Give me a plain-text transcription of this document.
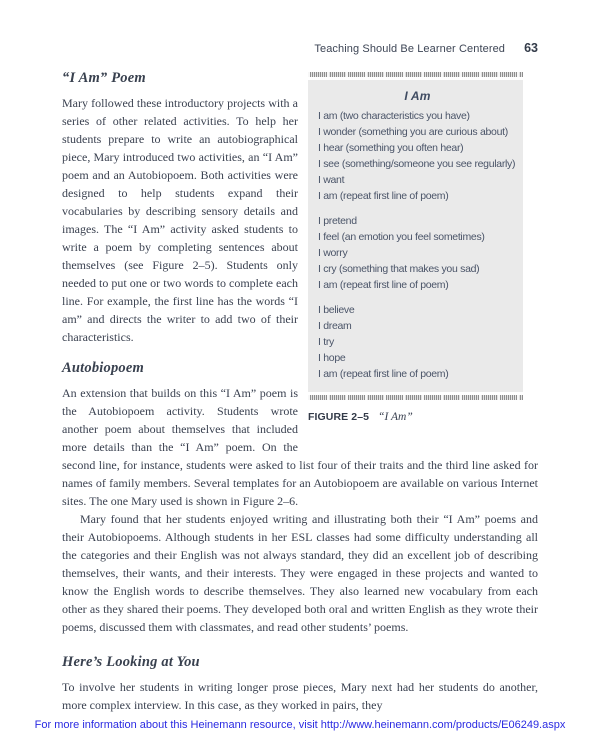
Teaching Should Be Learner Centered 63
I Am
I am (two characteristics you have)
I wonder (something you are curious about)
I hear (something you often hear)
I see (something/someone you see regularly)
I want
I am (repeat first line of poem)
I pretend
I feel (an emotion you feel sometimes)
I worry
I cry (something that makes you sad)
I am (repeat first line of poem)
I believe
I dream
I try
I hope
I am (repeat first line of poem)
FIGURE 2–5 “I Am”
“I Am” Poem

Mary followed these introductory projects with a series of other related activities. To help her students prepare to write an autobiographical piece, Mary introduced two activities, an “I Am” poem and an Autobiopoem. Both activities were designed to help students expand their vocabularies by describing sensory details and images. The “I Am” activity asked students to write a poem by completing sentences about themselves (see Figure 2–5). Students only needed to put one or two words to complete each line. For example, the first line has the words “I am” and directs the writer to add two of their characteristics.

Autobiopoem

An extension that builds on this “I Am” poem is the Autobiopoem activity. Students wrote another poem about themselves that included more details than the “I Am” poem. On the second line, for instance, students were asked to list four of their traits and the third line asked for names of family members. Several templates for an Autobiopoem are available on various Internet sites. The one Mary used is shown in Figure 2–6.

Mary found that her students enjoyed writing and illustrating both their “I Am” poems and their Autobiopoems. Although students in her ESL classes had some difficulty understanding all the categories and their English was not always standard, they did an excellent job of describing themselves, their wants, and their interests. They were engaged in these projects and wanted to know the English words to describe themselves. They also learned new vocabulary from each other as they shared their poems. They developed both oral and written English as they wrote their poems, discussed them with classmates, and read other students’ poems.

Here’s Looking at You

To involve her students in writing longer prose pieces, Mary next had her students do another, more complex interview. In this case, as they worked in pairs, they

For more information about this Heinemann resource, visit http://www.heinemann.com/products/E06249.aspx
